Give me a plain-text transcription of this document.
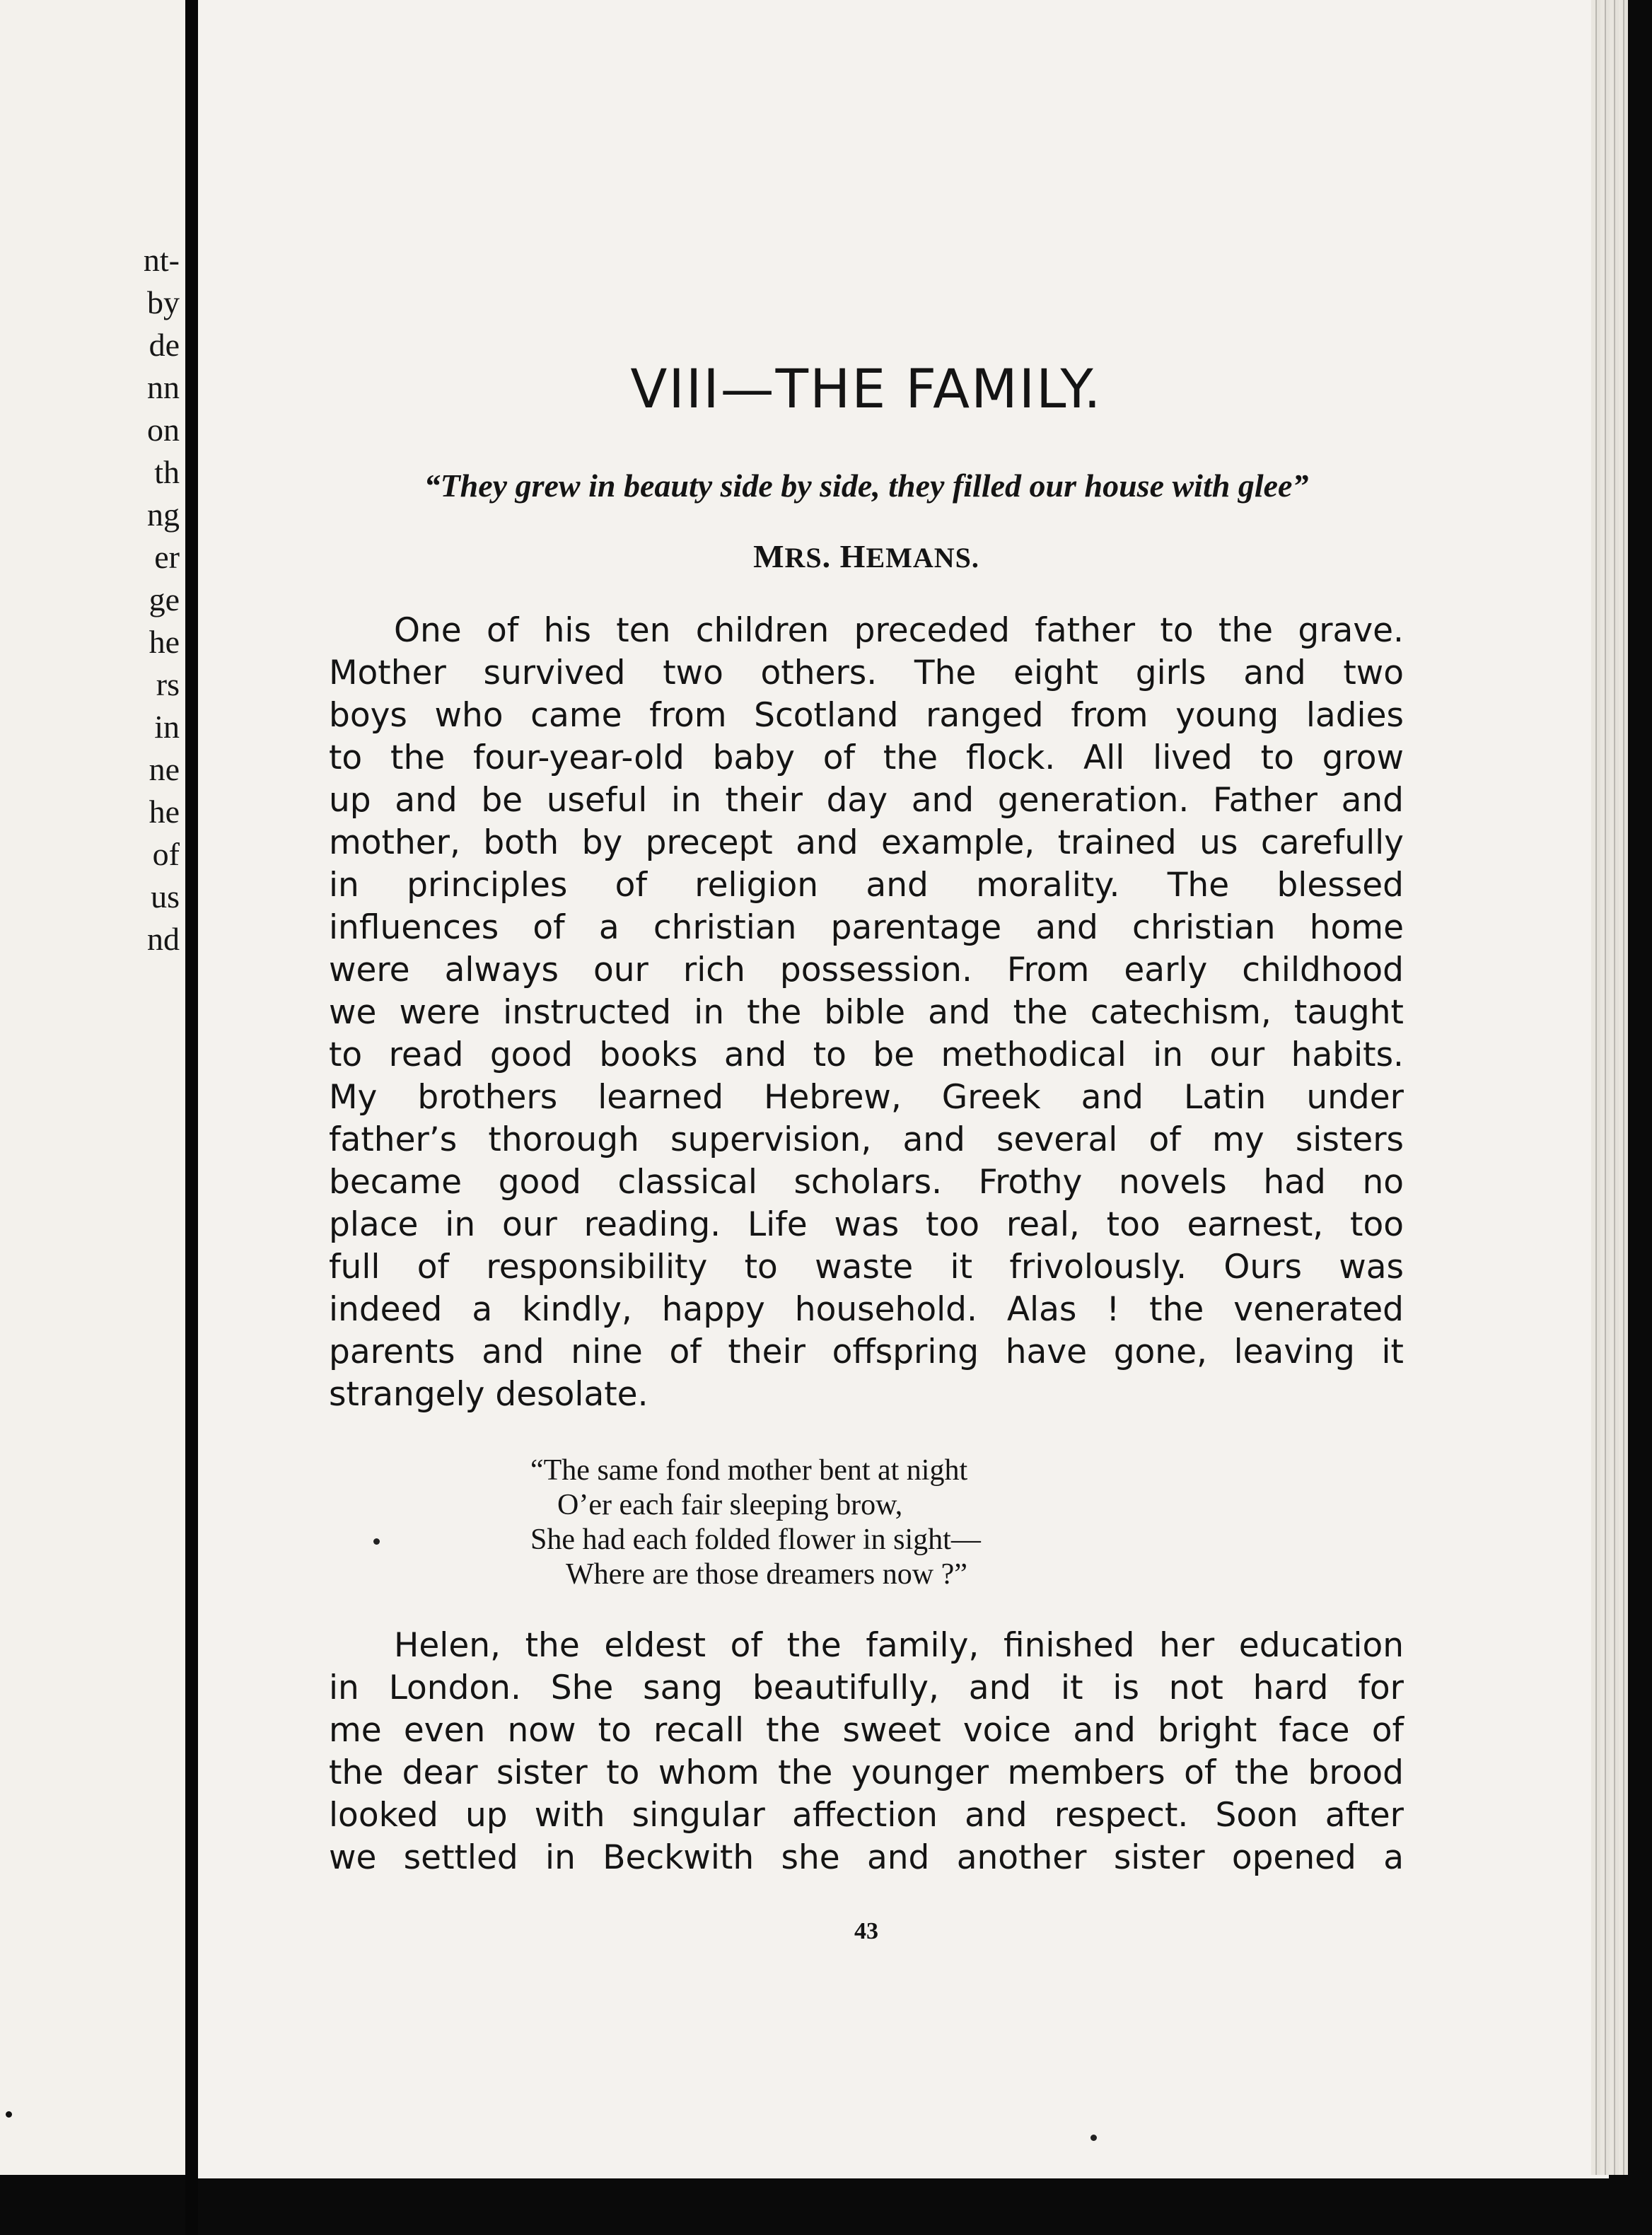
nt-
by
de
nn
on
th
ng
er
ge
he
rs
in
ne
he
of
us
nd
VIII—THE FAMILY.

“They grew in beauty side by side, they filled our house with glee”

MRS. HEMANS.

One of his ten children preceded father to the grave.

Mother survived two others. The eight girls and two

boys who came from Scotland ranged from young ladies

to the four-year-old baby of the flock. All lived to grow

up and be useful in their day and generation. Father and

mother, both by precept and example, trained us carefully

in principles of religion and morality. The blessed

influences of a christian parentage and christian home

were always our rich possession. From early childhood

we were instructed in the bible and the catechism, taught

to read good books and to be methodical in our habits.

My brothers learned Hebrew, Greek and Latin under

father’s thorough supervision, and several of my sisters

became good classical scholars. Frothy novels had no

place in our reading. Life was too real, too earnest, too

full of responsibility to waste it frivolously. Ours was

indeed a kindly, happy household. Alas ! the venerated

parents and nine of their offspring have gone, leaving it

strangely desolate.

“The same fond mother bent at night

O’er each fair sleeping brow,

She had each folded flower in sight—

Where are those dreamers now ?”

Helen, the eldest of the family, finished her education

in London. She sang beautifully, and it is not hard for

me even now to recall the sweet voice and bright face of

the dear sister to whom the younger members of the brood

looked up with singular affection and respect. Soon after

we settled in Beckwith she and another sister opened a

43
